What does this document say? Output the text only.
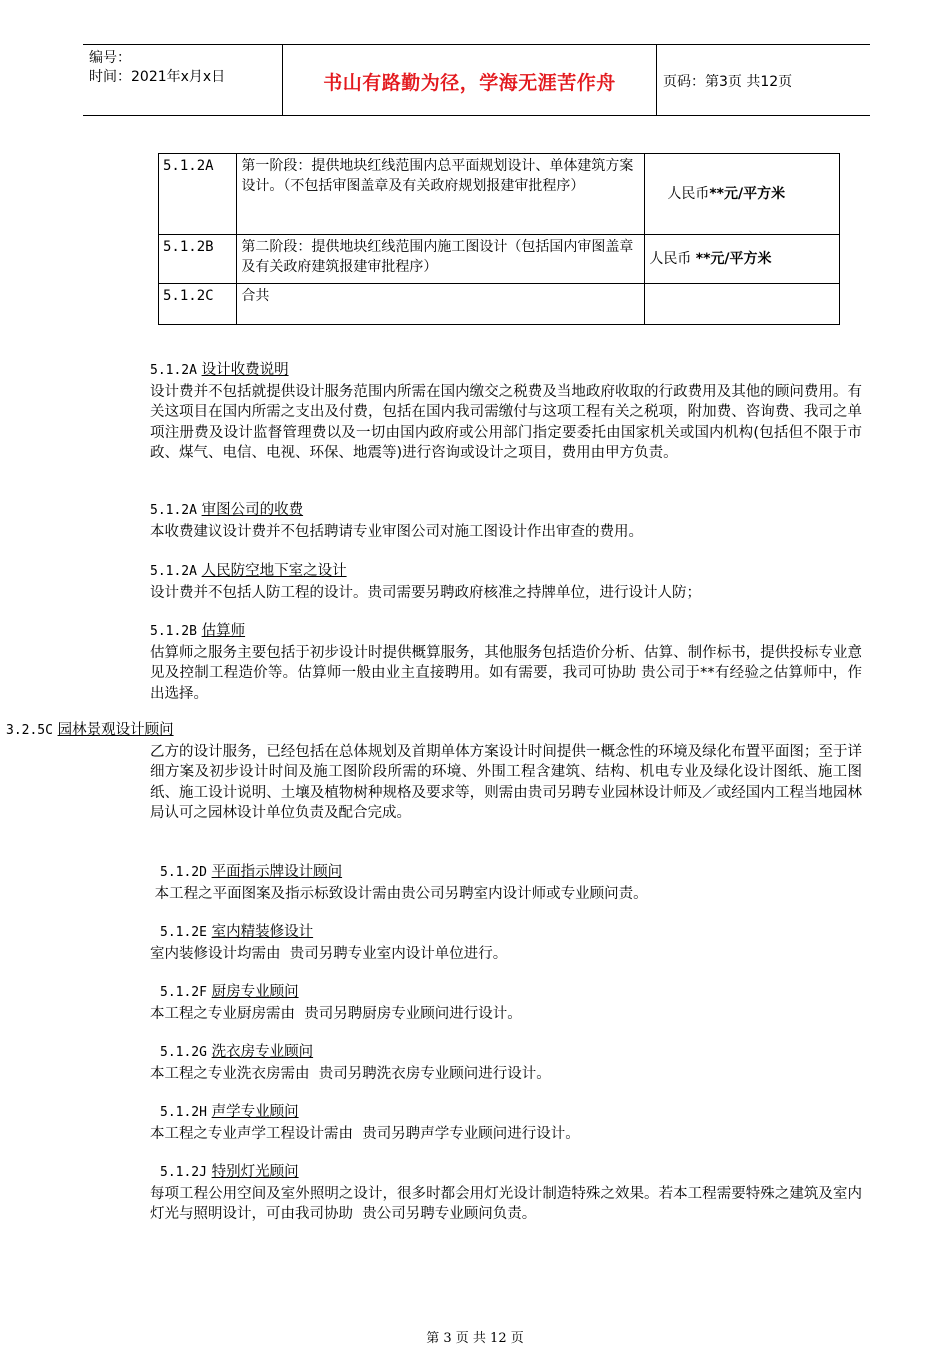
编号：
时间：2021年x月x日	书山有路勤为径，学海无涯苦作舟	页码：第3页 共12页
5.1.2A	第一阶段：提供地块红线范围内总平面规划设计、单体建筑方案设计。（不包括审图盖章及有关政府规划报建审批程序）	人民币**元/平方米
5.1.2B	第二阶段：提供地块红线范围内施工图设计（包括国内审图盖章及有关政府建筑报建审批程序）	人民币 **元/平方米
5.1.2C	合共	
5.1.2A 设计收费说明

设计费并不包括就提供设计服务范围内所需在国内缴交之税费及当地政府收取的行政费用及其他的顾问费用。有关这项目在国内所需之支出及付费，包括在国内我司需缴付与这项工程有关之税项，附加费、咨询费、我司之单项注册费及设计监督管理费以及一切由国内政府或公用部门指定要委托由国家机关或国内机构(包括但不限于市政、煤气、电信、电视、环保、地震等)进行咨询或设计之项目，费用由甲方负责。

5.1.2A 审图公司的收费

本收费建议设计费并不包括聘请专业审图公司对施工图设计作出审查的费用。

5.1.2A 人民防空地下室之设计

设计费并不包括人防工程的设计。贵司需要另聘政府核准之持牌单位，进行设计人防；

5.1.2B 估算师

估算师之服务主要包括于初步设计时提供概算服务，其他服务包括造价分析、估算、制作标书，提供投标专业意见及控制工程造价等。估算师一般由业主直接聘用。如有需要，我司可协助 贵公司于**有经验之估算师中，作出选择。

3.2.5C 园林景观设计顾问

乙方的设计服务，已经包括在总体规划及首期单体方案设计时间提供一概念性的环境及绿化布置平面图；至于详细方案及初步设计时间及施工图阶段所需的环境、外围工程含建筑、结构、机电专业及绿化设计图纸、施工图纸、施工设计说明、土壤及植物树种规格及要求等，则需由贵司另聘专业园林设计师及／或经国内工程当地园林局认可之园林设计单位负责及配合完成。

5.1.2D 平面指示牌设计顾问

本工程之平面图案及指示标致设计需由贵公司另聘室内设计师或专业顾问责。

5.1.2E 室内精装修设计

室内装修设计均需由  贵司另聘专业室内设计单位进行。

5.1.2F 厨房专业顾问

本工程之专业厨房需由  贵司另聘厨房专业顾问进行设计。

5.1.2G 洗衣房专业顾问

本工程之专业洗衣房需由  贵司另聘洗衣房专业顾问进行设计。

5.1.2H 声学专业顾问

本工程之专业声学工程设计需由  贵司另聘声学专业顾问进行设计。

5.1.2J 特别灯光顾问

每项工程公用空间及室外照明之设计，很多时都会用灯光设计制造特殊之效果。若本工程需要特殊之建筑及室内灯光与照明设计，可由我司协助  贵公司另聘专业顾问负责。

第 3 页 共 12 页
